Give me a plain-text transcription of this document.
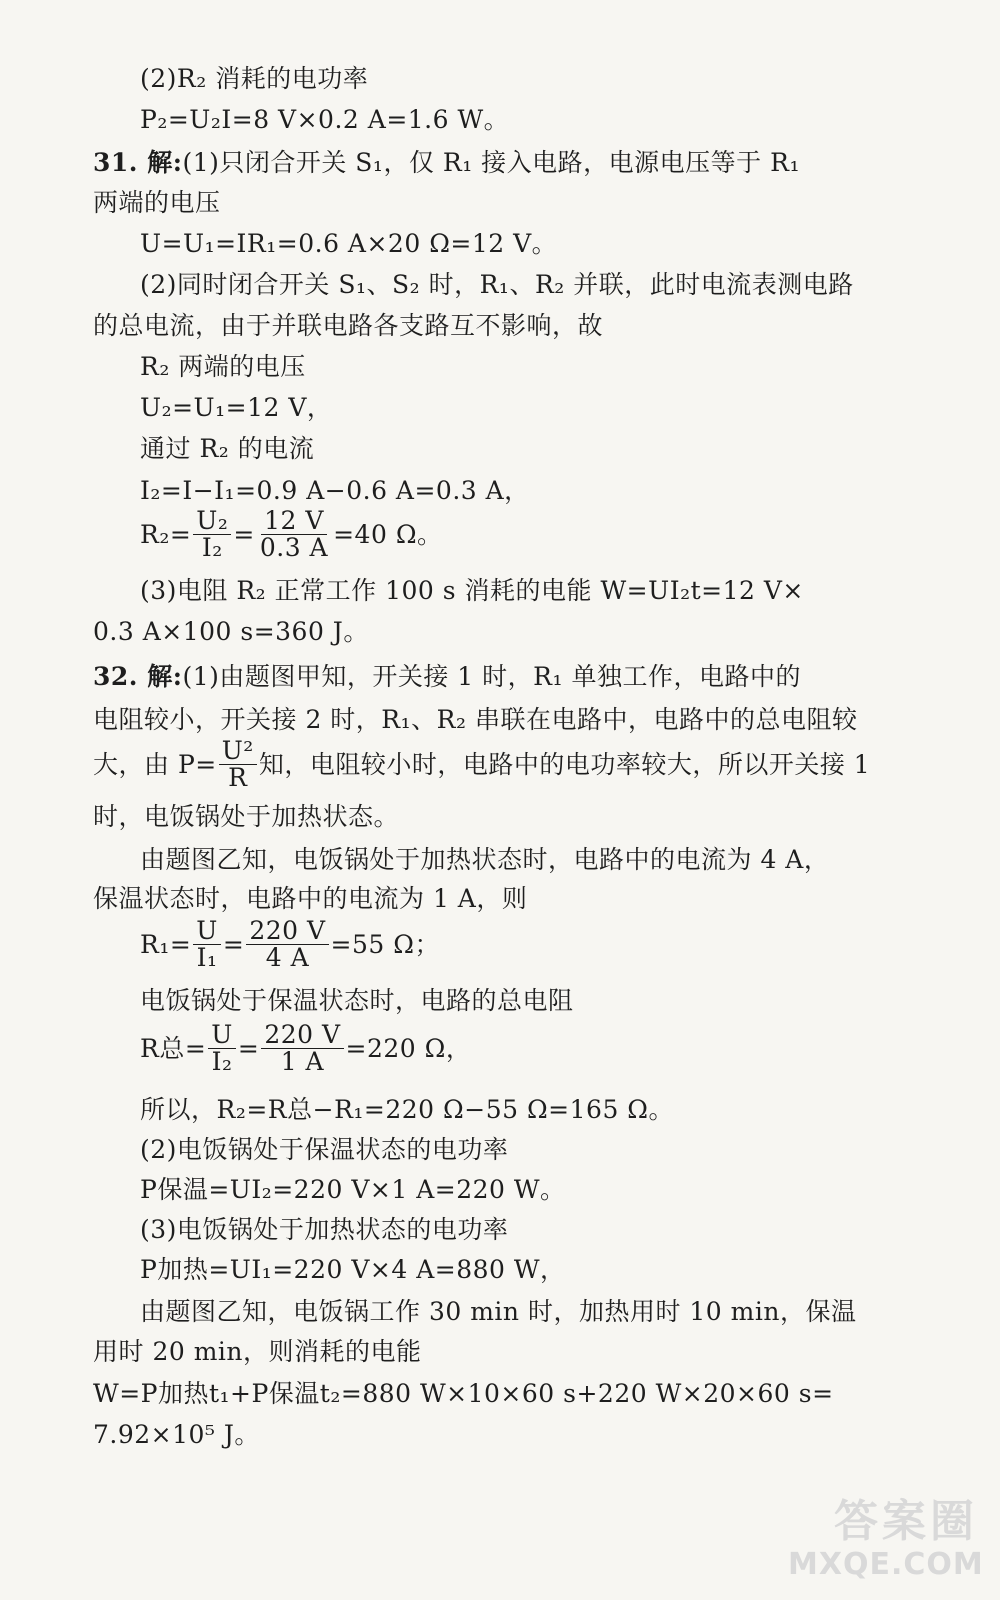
(2)R₂ 消耗的电功率
P₂=U₂I=8 V×0.2 A=1.6 W。
31. 解:(1)只闭合开关 S₁，仅 R₁ 接入电路，电源电压等于 R₁
两端的电压
U=U₁=IR₁=0.6 A×20 Ω=12 V。
(2)同时闭合开关 S₁、S₂ 时，R₁、R₂ 并联，此时电流表测电路
的总电流，由于并联电路各支路互不影响，故
R₂ 两端的电压
U₂=U₁=12 V，
通过 R₂ 的电流
I₂=I−I₁=0.9 A−0.6 A=0.3 A，
$R_2= \frac{\text{U₂}}{\text{I₂}} = \frac{12 V}{0.3 A} =40$ Ω。
(3)电阻 R₂ 正常工作 100 s 消耗的电能 W=UI₂t=12 V×
0.3 A×100 s=360 J。
32. 解:(1)由题图甲知，开关接 1 时，R₁ 单独工作，电路中的
电阻较小，开关接 2 时，R₁、R₂ 串联在电路中，电路中的总电阻较
大，由 $P= \frac{\text{U²}}{R}$ 知，电阻较小时，电路中的电功率较大，所以开关接 1
时，电饭锅处于加热状态。
由题图乙知，电饭锅处于加热状态时，电路中的电流为 4 A，
保温状态时，电路中的电流为 1 A，则
$R_1= \frac{U}{\text{I₁}} = \frac{220 V}{4 A} =55$ Ω；
电饭锅处于保温状态时，电路的总电阻
R总= $\frac{U}{\text{I₂}} = \frac{220 V}{1 A} =220$ Ω，
所以，R₂=R总−R₁=220 Ω−55 Ω=165 Ω。
(2)电饭锅处于保温状态的电功率
P保温=UI₂=220 V×1 A=220 W。
(3)电饭锅处于加热状态的电功率
P加热=UI₁=220 V×4 A=880 W，
由题图乙知，电饭锅工作 30 min 时，加热用时 10 min，保温
用时 20 min，则消耗的电能
W=P加热t₁+P保温t₂=880 W×10×60 s+220 W×20×60 s=
7.92×10⁵ J。
答案圈
MXQE.COM
